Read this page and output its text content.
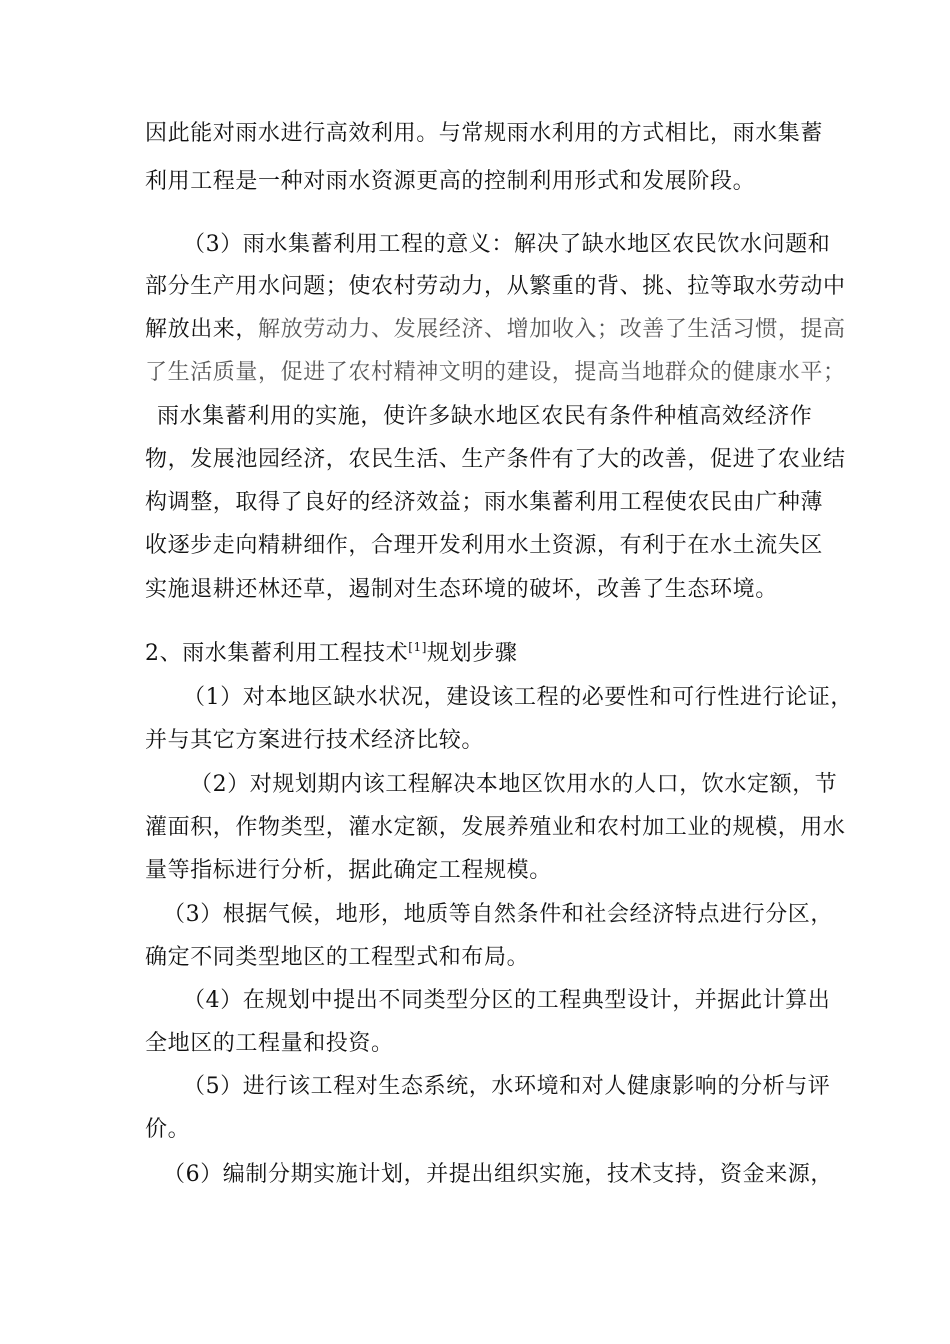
因此能对雨水进行高效利用。与常规雨水利用的方式相比，雨水集蓄

利用工程是一种对雨水资源更高的控制利用形式和发展阶段。

（3）雨水集蓄利用工程的意义：解决了缺水地区农民饮水问题和

部分生产用水问题；使农村劳动力，从繁重的背、挑、拉等取水劳动中

解放出来，解放劳动力、发展经济、增加收入；改善了生活习惯，提高

了生活质量，促进了农村精神文明的建设，提高当地群众的健康水平；

雨水集蓄利用的实施，使许多缺水地区农民有条件种植高效经济作

物，发展池园经济，农民生活、生产条件有了大的改善，促进了农业结

构调整，取得了良好的经济效益；雨水集蓄利用工程使农民由广种薄

收逐步走向精耕细作，合理开发利用水土资源，有利于在水土流失区

实施退耕还林还草，遏制对生态环境的破坏，改善了生态环境。

2、雨水集蓄利用工程技术[1]规划步骤

（1）对本地区缺水状况，建设该工程的必要性和可行性进行论证，

并与其它方案进行技术经济比较。

（2）对规划期内该工程解决本地区饮用水的人口，饮水定额，节

灌面积，作物类型，灌水定额，发展养殖业和农村加工业的规模，用水

量等指标进行分析，据此确定工程规模。

（3）根据气候，地形，地质等自然条件和社会经济特点进行分区，

确定不同类型地区的工程型式和布局。

（4）在规划中提出不同类型分区的工程典型设计，并据此计算出

全地区的工程量和投资。

（5）进行该工程对生态系统，水环境和对人健康影响的分析与评

价。

（6）编制分期实施计划，并提出组织实施，技术支持，资金来源，
